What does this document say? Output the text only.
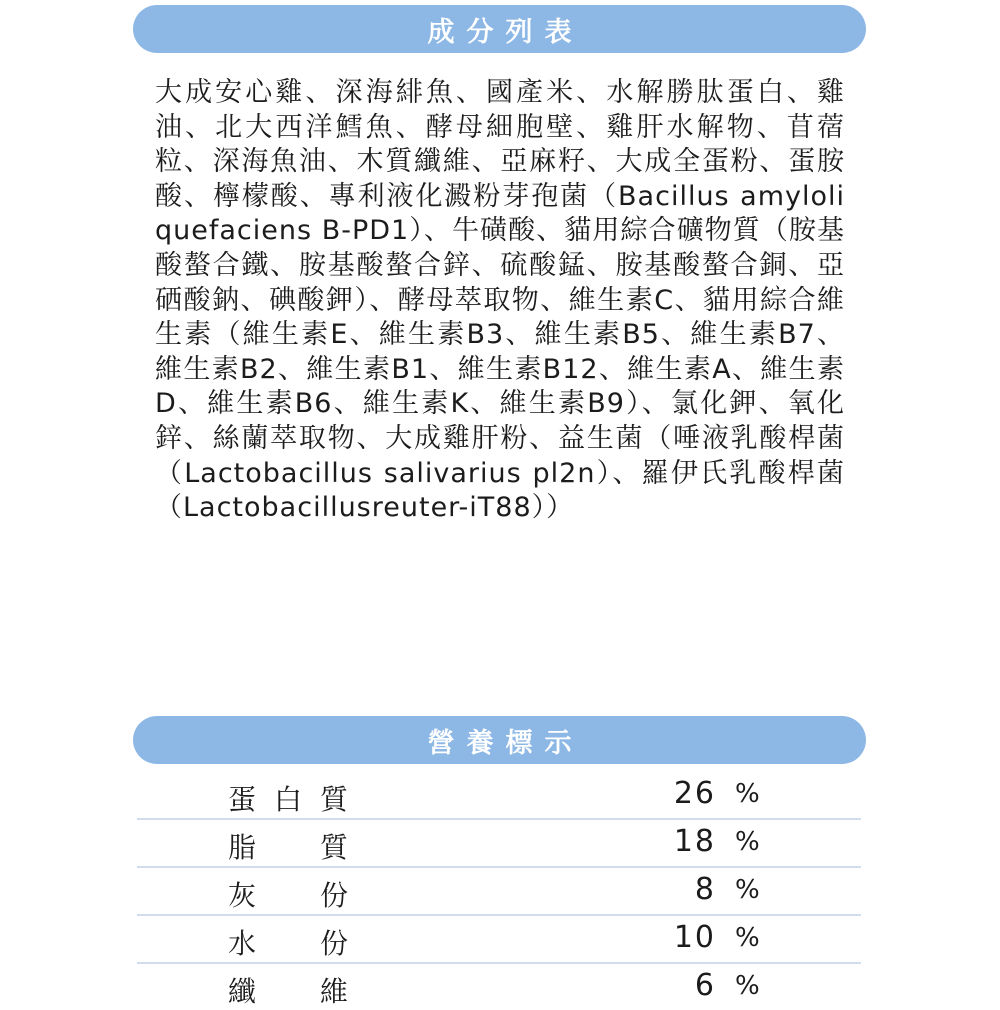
成分列表

大成安心雞、深海緋魚、國產米、水解勝肽蛋白、雞油、北大西洋鱈魚、酵母細胞壁、雞肝水解物、苜蓿粒、深海魚油、木質纖維、亞麻籽、大成全蛋粉、蛋胺酸、檸檬酸、專利液化澱粉芽孢菌（Bacillus amyloliquefaciens B-PD1）、牛磺酸、貓用綜合礦物質（胺基酸螯合鐵、胺基酸螯合鋅、硫酸錳、胺基酸螯合銅、亞硒酸鈉、碘酸鉀）、酵母萃取物、維生素C、貓用綜合維生素（維生素E、維生素B3、維生素B5、維生素B7、維生素B2、維生素B1、維生素B12、維生素A、維生素D、維生素B6、維生素K、維生素B9）、氯化鉀、氧化鋅、絲蘭萃取物、大成雞肝粉、益生菌（唾液乳酸桿菌（Lactobacillus salivarius pl2n）、羅伊氏乳酸桿菌（Lactobacillusreuter-iT88））

營養標示
蛋 白 質	26 %
脂 質	18 %
灰 份	8 %
水 份	10 %
纖 維	6 %
